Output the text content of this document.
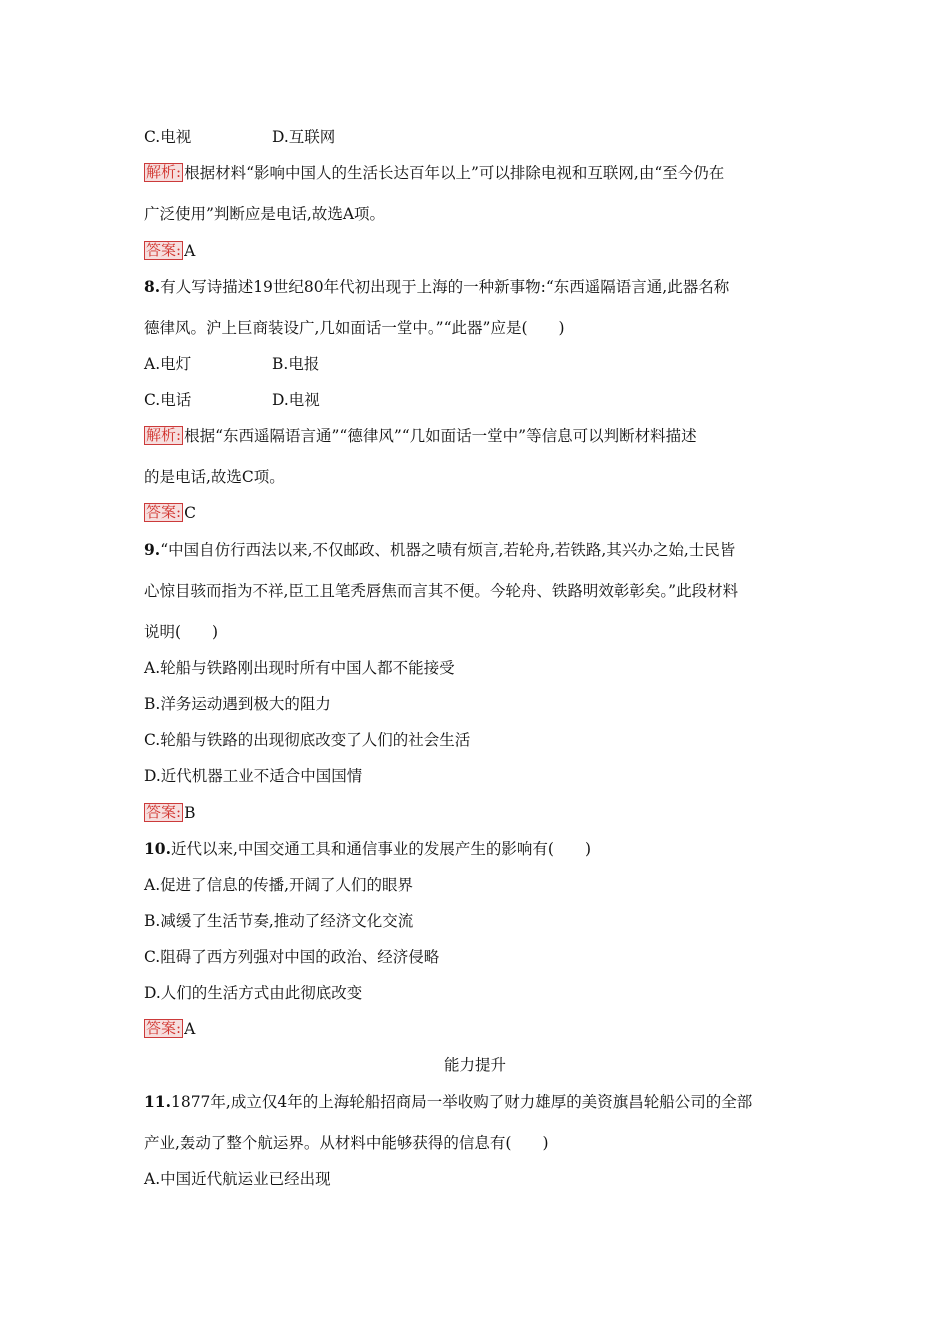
C.电视	D.互联网
解析: 根据材料“影响中国人的生活长达百年以上”可以排除电视和互联网,由“至今仍在
广泛使用”判断应是电话,故选A项。
答案: A
8.有人写诗描述19世纪80年代初出现于上海的一种新事物:“东西遥隔语言通,此器名称
德律风。沪上巨商装设广,几如面话一堂中。”“此器”应是(　　)
A.电灯	B.电报
C.电话	D.电视
解析: 根据“东西遥隔语言通”“德律风”“几如面话一堂中”等信息可以判断材料描述
的是电话,故选C项。
答案: C
9.“中国自仿行西法以来,不仅邮政、机器之啧有烦言,若轮舟,若铁路,其兴办之始,士民皆
心惊目骇而指为不祥,臣工且笔秃唇焦而言其不便。今轮舟、铁路明效彰彰矣。”此段材料
说明(　　)
A.轮船与铁路刚出现时所有中国人都不能接受
B.洋务运动遇到极大的阻力
C.轮船与铁路的出现彻底改变了人们的社会生活
D.近代机器工业不适合中国国情
答案: B
10.近代以来,中国交通工具和通信事业的发展产生的影响有(　　)
A.促进了信息的传播,开阔了人们的眼界
B.减缓了生活节奏,推动了经济文化交流
C.阻碍了西方列强对中国的政治、经济侵略
D.人们的生活方式由此彻底改变
答案: A
能力提升
11.1877年,成立仅4年的上海轮船招商局一举收购了财力雄厚的美资旗昌轮船公司的全部
产业,轰动了整个航运界。从材料中能够获得的信息有(　　)
A.中国近代航运业已经出现
